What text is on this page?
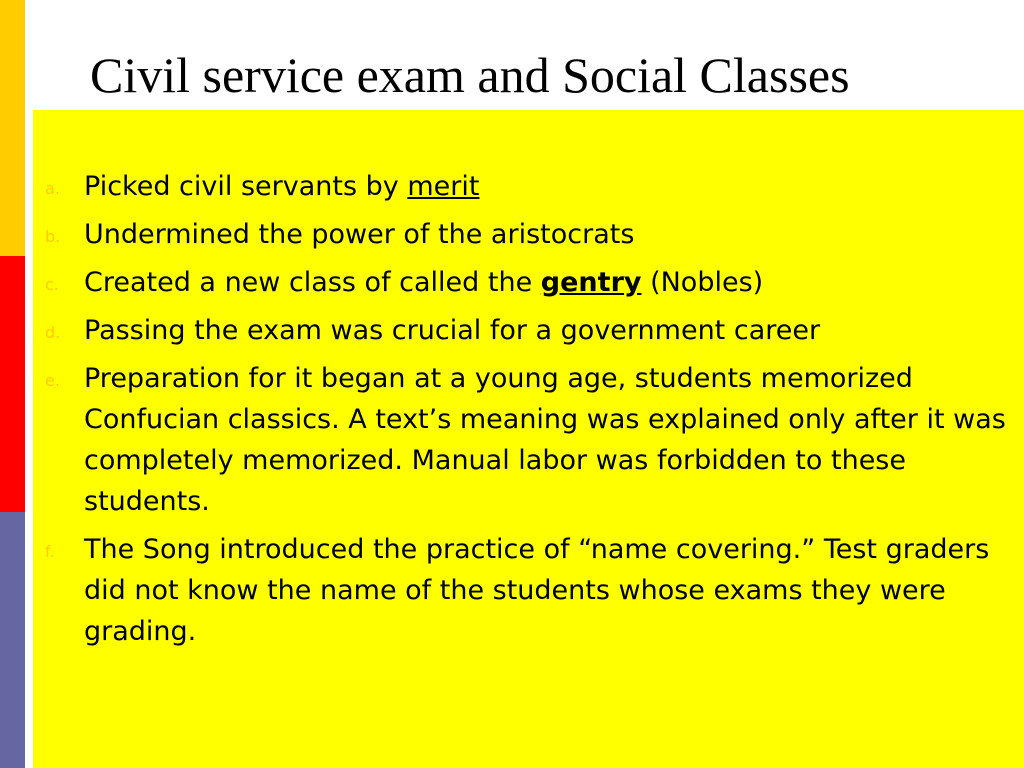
Civil service exam and Social Classes
a. Picked civil servants by merit
b. Undermined the power of the aristocrats
c. Created a new class of called the gentry (Nobles)
d. Passing the exam was crucial for a government career
e. Preparation for it began at a young age, students memorized Confucian classics. A text’s meaning was explained only after it was completely memorized. Manual labor was forbidden to these students.
f. The Song introduced the practice of “name covering.” Test graders did not know the name of the students whose exams they were grading.
